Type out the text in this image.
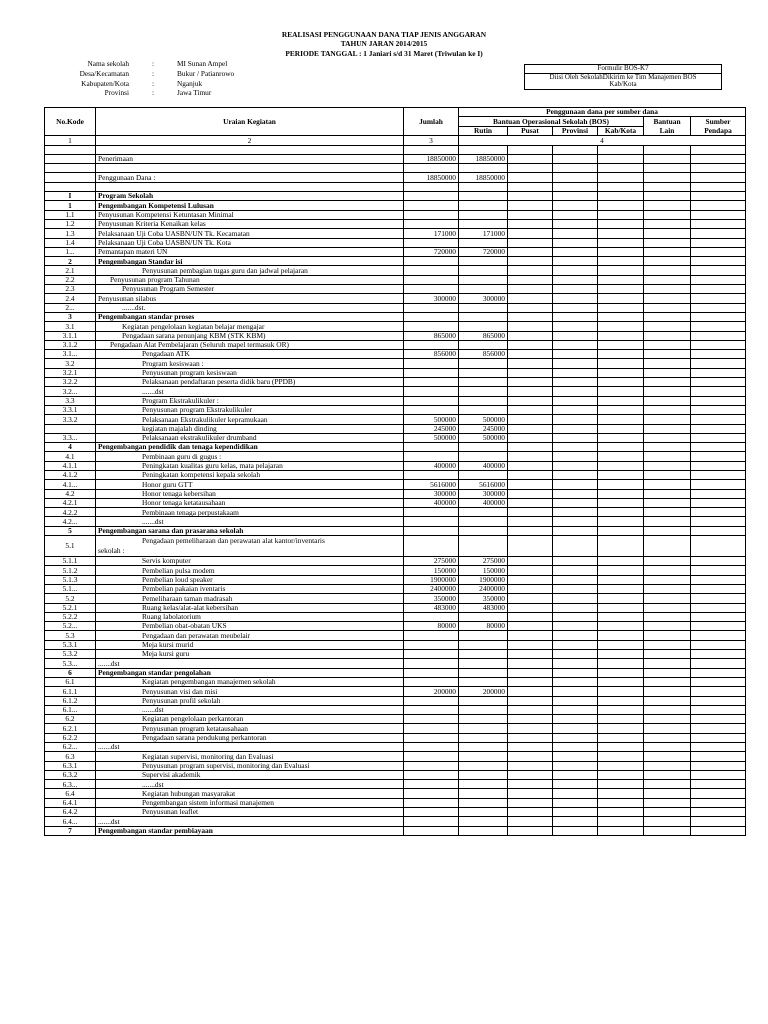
REALISASI PENGGUNAAN DANA TIAP JENIS ANGGARAN
TAHUN JARAN 2014/2015
PERIODE TANGGAL : 1 Janiari s/d 31 Maret (Triwulan ke I)
Nama sekolah	:	MI Sunan Ampel
Desa/Kecamatan	:	Bukur / Patianrowo
Kabupaten/Kota	:	Nganjuk
Provinsi	:	Jawa Timur
Formulir BOS-K7
Diisi Oleh SekolahDikirim ke Tim Manajemen BOS
Kab/Kota
No.Kode	Uraian Kegiatan	Jumlah	Penggunaan dana per sumber dana					
			Bantuan Operasional Sekolah (BOS)				Bantuan Lain	Sumber Pendapa
			Rutin	Pusat	Provinsi	Kab/Kota		
1	2	3	4					

	Penerimaan	18850000	18850000					

	Penggunaan Dana :	18850000	18850000					

I	Program Sekolah							
1	Pengembangan Kompetensi Lulusan							
1.1	Penyusunan Kompetensi Ketuntasan Minimal							
1.2	Penyusunan Kriteria Kenaikan kelas							
1.3	Pelaksanaan Uji Coba UASBN/UN Tk. Kecamatan	171000	171000					
1.4	Pelaksanaan Uji Coba UASBN/UN Tk. Kota							
1...	Pemantapan materi UN	720000	720000					
2	Pengembangan Standar isi							
2.1	Penyusunan pembagian tugas guru dan jadwal pelajaran							
2.2	Penyusunan program Tahunan							
2.3	Penyusunan Program Semester							
2.4	Penyusunan silabus	300000	300000					
2...	.......dst.							
3	Pengembangan standar proses							
3.1	Kegiatan pengelolaan kegiatan belajar mengajar							
3.1.1	Pengadaan sarana penunjang KBM (STK KBM)	865000	865000					
3.1.2	Pengadaan Alat Pembelajaran (Seluruh mapel termasuk OR)							
3.1...	Pengadaan ATK	856000	856000					
3.2	Program kesiswaan :							
3.2.1	Penyusunan program kesiswaan							
3.2.2	Pelaksanaan pendaftaran peserta didik baru (PPDB)							
3.2...	.......dst							
3.3	Program Ekstrakulikuler :							
3.3.1	Penyusunan program Ekstrakulikuler							
3.3.2	Pelaksanaan Ekstrakulikuler kepramukaan	500000	500000					
	kegiatan majalah dinding	245000	245000					
3.3...	Pelaksanaan ekstrakulikuler drumband	500000	500000					
4	Pengembangan pendidik dan tenaga kependidikan							
4.1	Pembinaan guru di gugus :							
4.1.1	Peningkatan kualitas guru kelas, mata pelajaran	400000	400000					
4.1.2	Peningkatan kompetensi kepala sekolah							
4.1...	Honor guru GTT	5616000	5616000					
4.2	Honor tenaga kebersihan	300000	300000					
4.2.1	Honor tenaga ketatausahaan	400000	400000					
4.2.2	Pembinaan tenaga perpustakaam							
4.2...	.......dst							
5	Pengembangan sarana dan prasarana sekolah							
5.1	Pengadaan pemeliharaan dan perawatan alat kantor/inventaris
sekolah :							

5.1.1	Servis komputer	275000	275000					
5.1.2	Pembelian pulsa modem	150000	150000					
5.1.3	Pembelian loud speaker	1900000	1900000					
5.1...	Pembelian pakaian iventaris	2400000	2400000					
5.2	Pemeliharaan taman madrasah	350000	350000					
5.2.1	Ruang kelas/alat-alat kebersihan	483000	483000					
5.2.2	Ruang labolatorium							
5.2...	Pembelian obat-obatan UKS	80000	80000					
5.3	Pengadaan dan perawatan meubelair							
5.3.1	Meja kursi murid							
5.3.2	Meja kursi guru							
5.3...	.......dst							
6	Pengembangan standar pengolahan							
6.1	Kegiatan pengembangan manajemen sekolah							
6.1.1	Penyusunan visi dan misi	200000	200000					
6.1.2	Penyusunan profil sekolah							
6.1...	.......dst							
6.2	Kegiatan pengelolaan perkantoran							
6.2.1	Penyusunan program ketatausahaan							
6.2.2	Pengadaan sarana pendukung perkantoran							
6.2...	.......dst							
6.3	Kegiatan supervisi, monitoring dan Evaluasi							
6.3.1	Penyusunan program supervisi, monitoring dan Evaluasi							
6.3.2	Supervisi akademik							
6.3...	.......dst							
6.4	Kegiatan hubungan masyarakat							
6.4.1	Pengembangan sistem informasi manajemen							
6.4.2	Penyusunan leaflet							
6.4...	.......dst							
7	Pengembangan standar pembiayaan							
